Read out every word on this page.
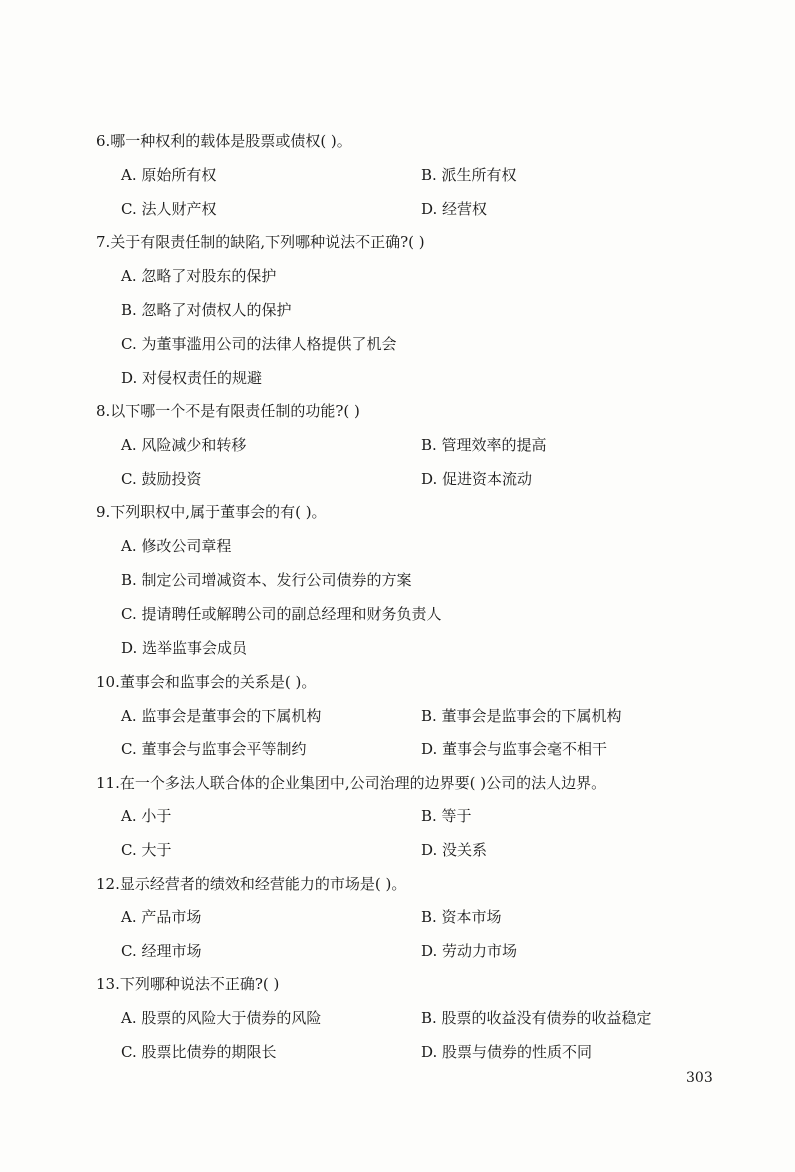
6.哪一种权利的载体是股票或债权( )。
A. 原始所有权	B. 派生所有权
C. 法人财产权	D. 经营权
7.关于有限责任制的缺陷,下列哪种说法不正确?( )
A. 忽略了对股东的保护
B. 忽略了对债权人的保护
C. 为董事滥用公司的法律人格提供了机会
D. 对侵权责任的规避
8.以下哪一个不是有限责任制的功能?( )
A. 风险减少和转移	B. 管理效率的提高
C. 鼓励投资	D. 促进资本流动
9.下列职权中,属于董事会的有( )。
A. 修改公司章程
B. 制定公司增减资本、发行公司债券的方案
C. 提请聘任或解聘公司的副总经理和财务负责人
D. 选举监事会成员
10.董事会和监事会的关系是( )。
A. 监事会是董事会的下属机构	B. 董事会是监事会的下属机构
C. 董事会与监事会平等制约	D. 董事会与监事会毫不相干
11.在一个多法人联合体的企业集团中,公司治理的边界要( )公司的法人边界。
A. 小于	B. 等于
C. 大于	D. 没关系
12.显示经营者的绩效和经营能力的市场是( )。
A. 产品市场	B. 资本市场
C. 经理市场	D. 劳动力市场
13.下列哪种说法不正确?( )
A. 股票的风险大于债券的风险	B. 股票的收益没有债券的收益稳定
C. 股票比债券的期限长	D. 股票与债券的性质不同
303
